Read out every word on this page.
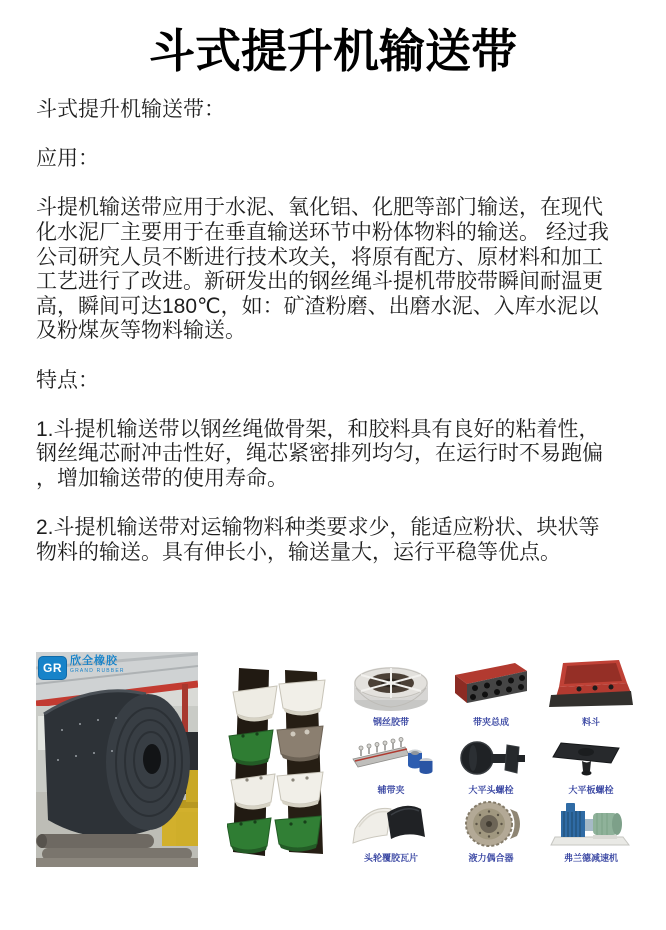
斗式提升机输送带

斗式提升机输送带：

应用：

斗提机输送带应用于水泥、氧化铝、化肥等部门输送，在现代化水泥厂主要用于在垂直输送环节中粉体物料的输送。 经过我公司研究人员不断进行技术攻关，将原有配方、原材料和加工工艺进行了改进。新研发出的钢丝绳斗提机带胶带瞬间耐温更高，瞬间可达180℃，如：矿渣粉磨、出磨水泥、入库水泥以及粉煤灰等物料输送。

特点：

1.斗提机输送带以钢丝绳做骨架，和胶料具有良好的粘着性，钢丝绳芯耐冲击性好，绳芯紧密排列均匀，在运行时不易跑偏，增加输送带的使用寿命。

2.斗提机输送带对运输物料种类要求少，能适应粉状、块状等物料的输送。具有伸长小，输送量大，运行平稳等优点。

GR 欣全橡胶
GRAND RUBBER
钢丝胶带	带夹总成	料斗
辅带夹	大平头螺栓	大平板螺栓
头轮覆胶瓦片	液力偶合器	弗兰德减速机
